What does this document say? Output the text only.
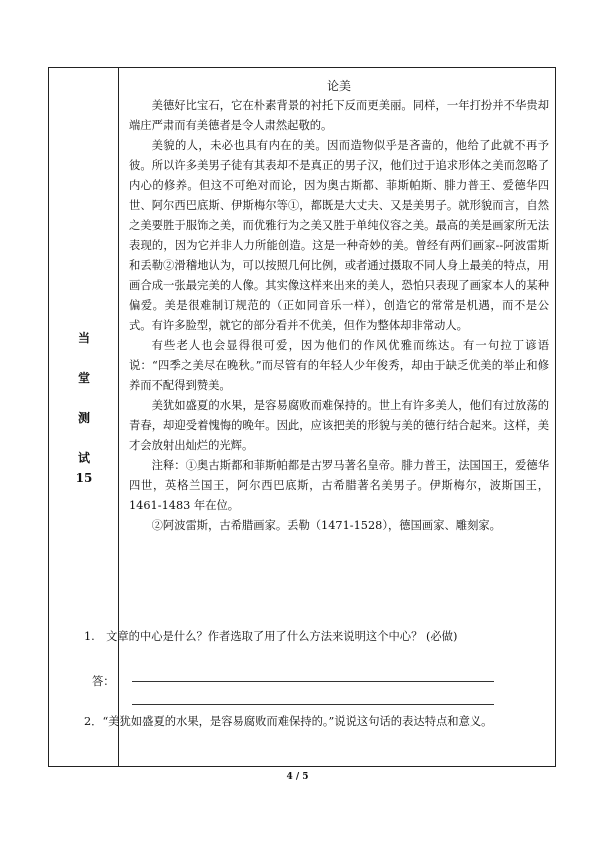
当
堂
测
试
15
论美

美德好比宝石，它在朴素背景的衬托下反而更美丽。同样，一年打扮并不华贵却端庄严肃而有美德者是令人肃然起敬的。

美貌的人，未必也具有内在的美。因而造物似乎是吝啬的，他给了此就不再予彼。所以许多美男子徒有其表却不是真正的男子汉，他们过于追求形体之美而忽略了内心的修养。但这不可绝对而论，因为奥古斯都、菲斯帕斯、腓力普王、爱德华四世、阿尔西巴底斯、伊斯梅尔等①，都既是大丈夫、又是美男子。就形貌而言，自然之美要胜于服饰之美，而优雅行为之美又胜于单纯仪容之美。最高的美是画家所无法表现的，因为它并非人力所能创造。这是一种奇妙的美。曾经有两们画家--阿波雷斯和丢勒②滑稽地认为，可以按照几何比例，或者通过摄取不同人身上最美的特点，用画合成一张最完美的人像。其实像这样来出来的美人，恐怕只表现了画家本人的某种偏爱。美是很难制订规范的（正如同音乐一样），创造它的常常是机遇，而不是公式。有许多脸型，就它的部分看并不优美，但作为整体却非常动人。

有些老人也会显得很可爱，因为他们的作风优雅而练达。有一句拉丁谚语说：“四季之美尽在晚秋。”而尽管有的年轻人少年俊秀，却由于缺乏优美的举止和修养而不配得到赞美。

美犹如盛夏的水果，是容易腐败而难保持的。世上有许多美人，他们有过放荡的青春，却迎受着愧悔的晚年。因此，应该把美的形貌与美的德行结合起来。这样，美才会放射出灿烂的光辉。

注释：①奥古斯都和菲斯帕都是古罗马著名皇帝。腓力普王，法国国王，爱德华四世，英格兰国王，阿尔西巴底斯，古希腊著名美男子。伊斯梅尔，波斯国王，1461-1483 年在位。

②阿波雷斯，古希腊画家。丢勒（1471-1528），德国画家、雕刻家。

1.　文章的中心是什么？作者选取了用了什么方法来说明这个中心？ (必做)
答：
2．“美犹如盛夏的水果，是容易腐败而难保持的。”说说这句话的表达特点和意义。
4 / 5
